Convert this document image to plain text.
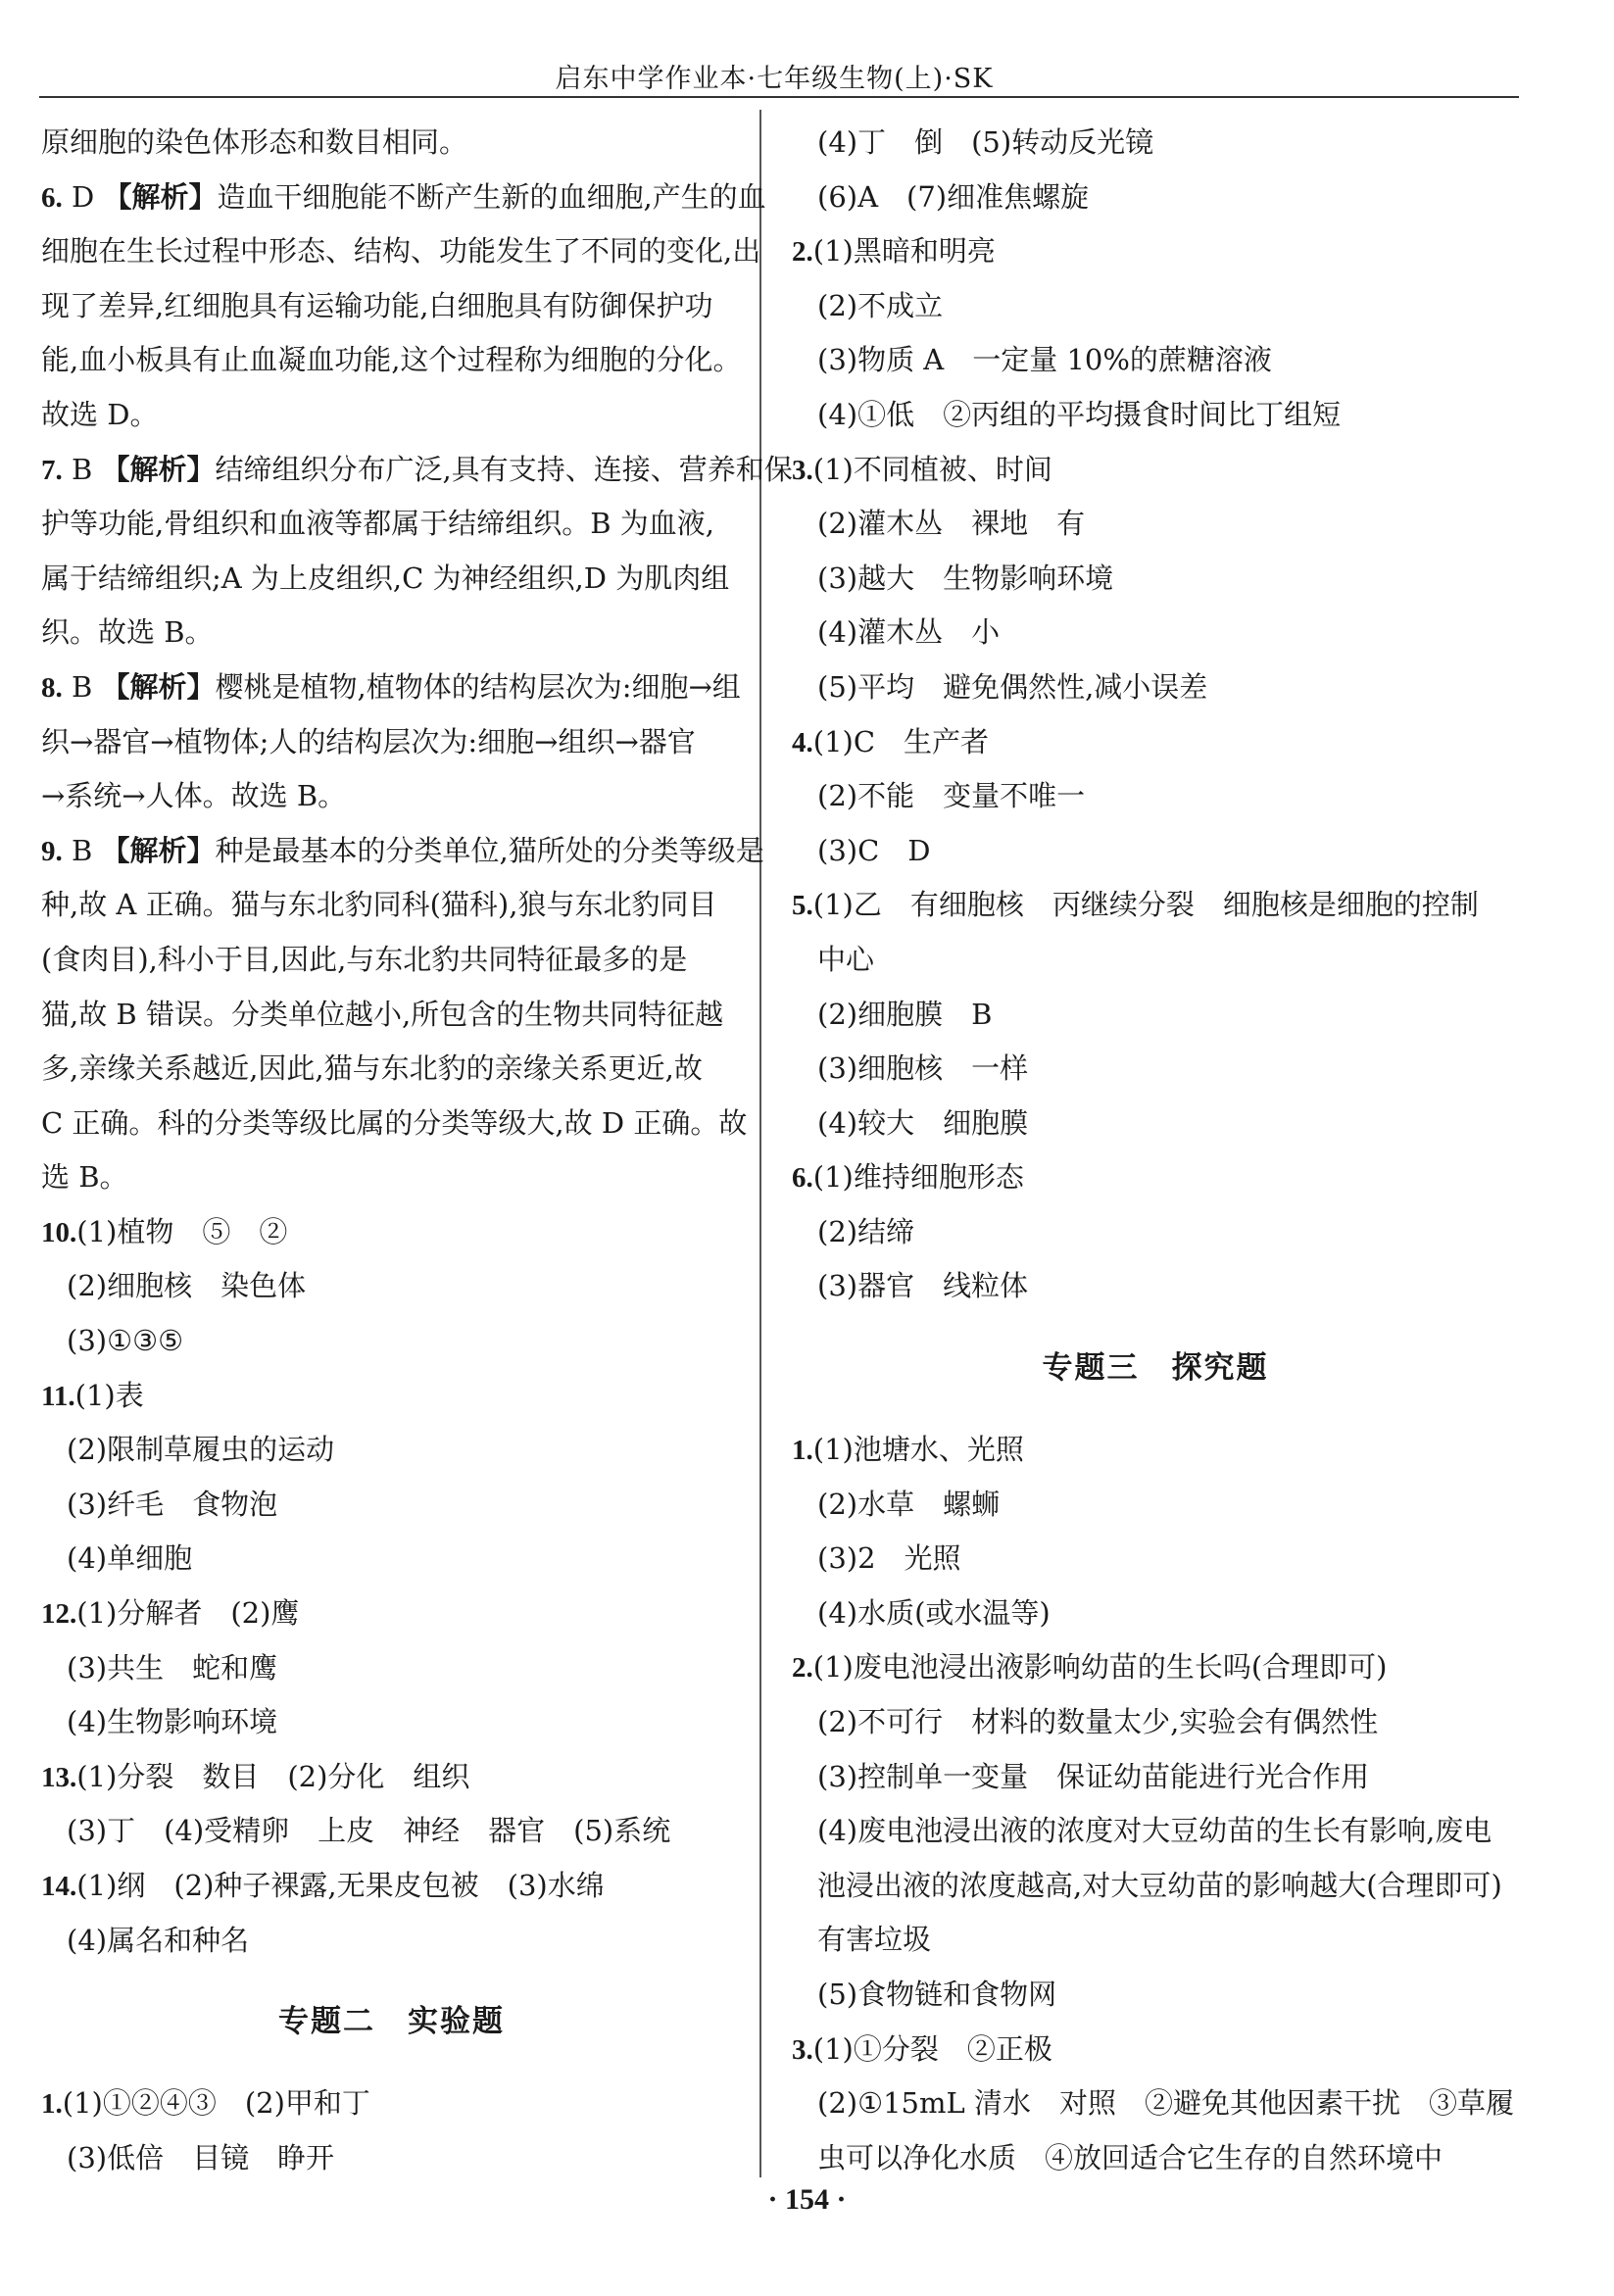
启东中学作业本·七年级生物(上)·SK
原细胞的染色体形态和数目相同。
6. D 【解析】造血干细胞能不断产生新的血细胞,产生的血
细胞在生长过程中形态、结构、功能发生了不同的变化,出
现了差异,红细胞具有运输功能,白细胞具有防御保护功
能,血小板具有止血凝血功能,这个过程称为细胞的分化。
故选 D。
7. B 【解析】结缔组织分布广泛,具有支持、连接、营养和保
护等功能,骨组织和血液等都属于结缔组织。B 为血液,
属于结缔组织;A 为上皮组织,C 为神经组织,D 为肌肉组
织。故选 B。
8. B 【解析】樱桃是植物,植物体的结构层次为:细胞→组
织→器官→植物体;人的结构层次为:细胞→组织→器官
→系统→人体。故选 B。
9. B 【解析】种是最基本的分类单位,猫所处的分类等级是
种,故 A 正确。猫与东北豹同科(猫科),狼与东北豹同目
(食肉目),科小于目,因此,与东北豹共同特征最多的是
猫,故 B 错误。分类单位越小,所包含的生物共同特征越
多,亲缘关系越近,因此,猫与东北豹的亲缘关系更近,故
C 正确。科的分类等级比属的分类等级大,故 D 正确。故
选 B。
10.(1)植物　⑤　②
(2)细胞核　染色体
(3)①③⑤
11.(1)表
(2)限制草履虫的运动
(3)纤毛　食物泡
(4)单细胞
12.(1)分解者　(2)鹰
(3)共生　蛇和鹰
(4)生物影响环境
13.(1)分裂　数目　(2)分化　组织
(3)丁　(4)受精卵　上皮　神经　器官　(5)系统
14.(1)纲　(2)种子裸露,无果皮包被　(3)水绵
(4)属名和种名
专题二　实验题
1.(1)①②④③　(2)甲和丁
(3)低倍　目镜　睁开
(4)丁　倒　(5)转动反光镜
(6)A　(7)细准焦螺旋
2.(1)黑暗和明亮
(2)不成立
(3)物质 A　一定量 10%的蔗糖溶液
(4)①低　②丙组的平均摄食时间比丁组短
3.(1)不同植被、时间
(2)灌木丛　裸地　有
(3)越大　生物影响环境
(4)灌木丛　小
(5)平均　避免偶然性,减小误差
4.(1)C　生产者
(2)不能　变量不唯一
(3)C　D
5.(1)乙　有细胞核　丙继续分裂　细胞核是细胞的控制
中心
(2)细胞膜　B
(3)细胞核　一样
(4)较大　细胞膜
6.(1)维持细胞形态
(2)结缔
(3)器官　线粒体
专题三　探究题
1.(1)池塘水、光照
(2)水草　螺蛳
(3)2　光照
(4)水质(或水温等)
2.(1)废电池浸出液影响幼苗的生长吗(合理即可)
(2)不可行　材料的数量太少,实验会有偶然性
(3)控制单一变量　保证幼苗能进行光合作用
(4)废电池浸出液的浓度对大豆幼苗的生长有影响,废电
池浸出液的浓度越高,对大豆幼苗的影响越大(合理即可)
有害垃圾
(5)食物链和食物网
3.(1)①分裂　②正极
(2)①15mL 清水　对照　②避免其他因素干扰　③草履
虫可以净化水质　④放回适合它生存的自然环境中
· 154 ·
